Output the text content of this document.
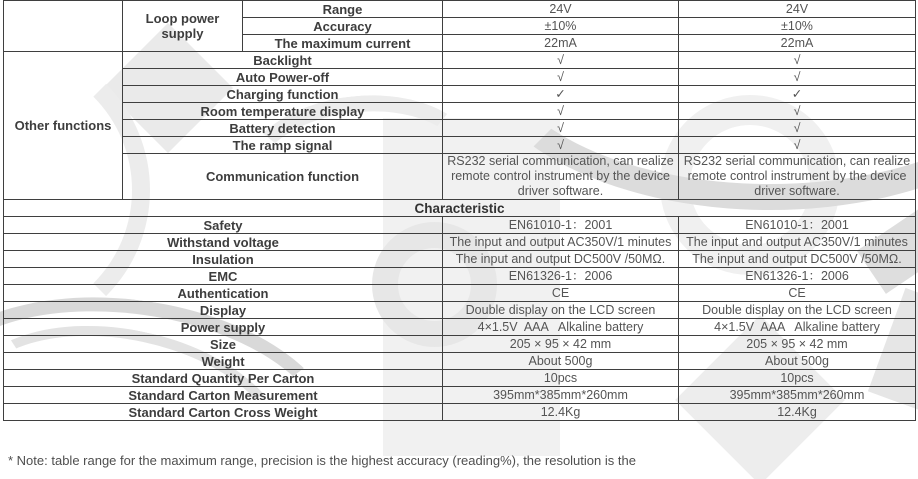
	Loop power supply	Range	24V	24V
		Accuracy	±10%	±10%
		The maximum current	22mA	22mA
Other functions	Backlight		√	√
	Auto Power-off		√	√
	Charging function		✓	✓
	Room temperature display		√	√
	Battery detection		√	√
	The ramp signal		√	√
	Communication function		RS232 serial communication, can realize remote control instrument by the device driver software.	RS232 serial communication, can realize remote control instrument by the device driver software.
Characteristic				
Safety			EN61010-1：2001	EN61010-1：2001
Withstand voltage			The input and output AC350V/1 minutes	The input and output AC350V/1 minutes
Insulation			The input and output DC500V /50MΩ.	The input and output DC500V /50MΩ.
EMC			EN61326-1：2006	EN61326-1：2006
Authentication			CE	CE
Display			Double display on the LCD screen	Double display on the LCD screen
Power supply			4×1.5V  AAA   Alkaline battery	4×1.5V  AAA   Alkaline battery
Size			205 × 95 × 42 mm	205 × 95 × 42 mm
Weight			About 500g	About 500g
Standard Quantity Per Carton			10pcs	10pcs
Standard Carton Measurement			395mm*385mm*260mm	395mm*385mm*260mm
Standard Carton Cross Weight			12.4Kg	12.4Kg
* Note: table range for the maximum range, precision is the highest accuracy (reading%), the resolution is the
